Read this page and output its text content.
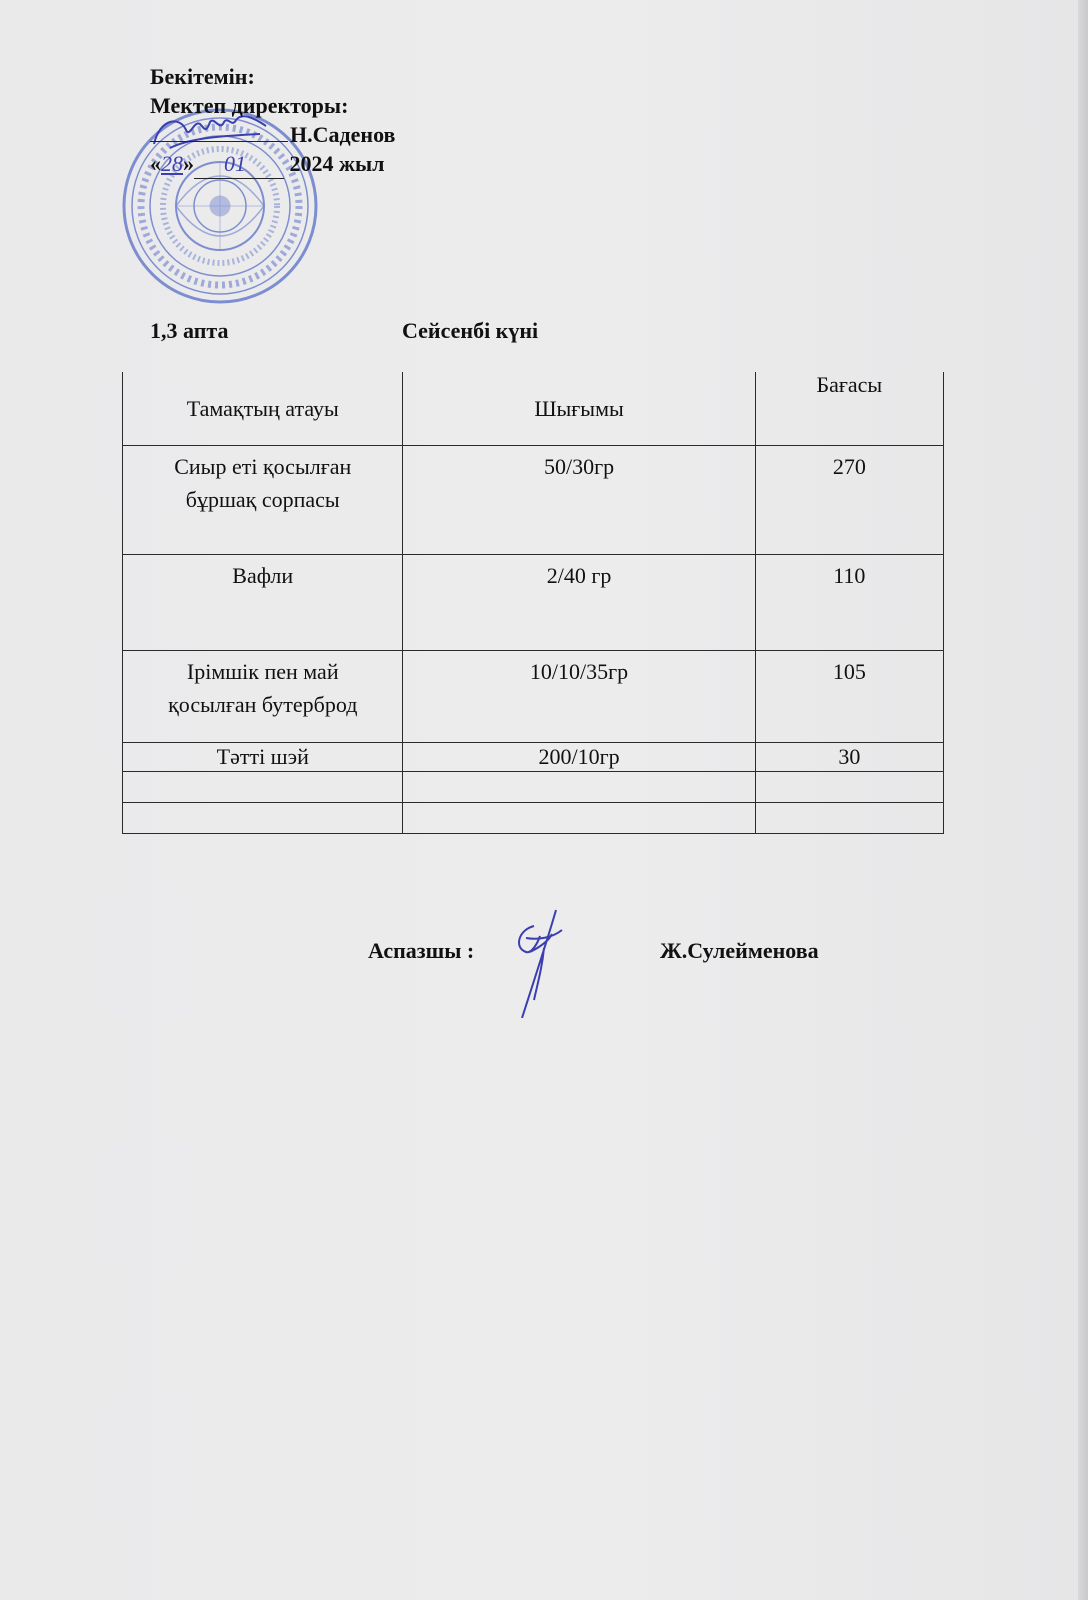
Бекітемін:
Мектеп директоры:
Н.Саденов
«28» 01 2024 жыл
1,3 апта	Сейсенбі күні
Тамақтың атауы	Шығымы	Бағасы

Сиыр еті қосылған
бұршақ сорпасы	50/30гр	270

Вафли	2/40 гр	110

Ірімшік пен май
қосылған бутерброд	10/10/35гр	105

Тәтті шэй	200/10гр	30

Аспазшы :	Ж.Сулейменова
